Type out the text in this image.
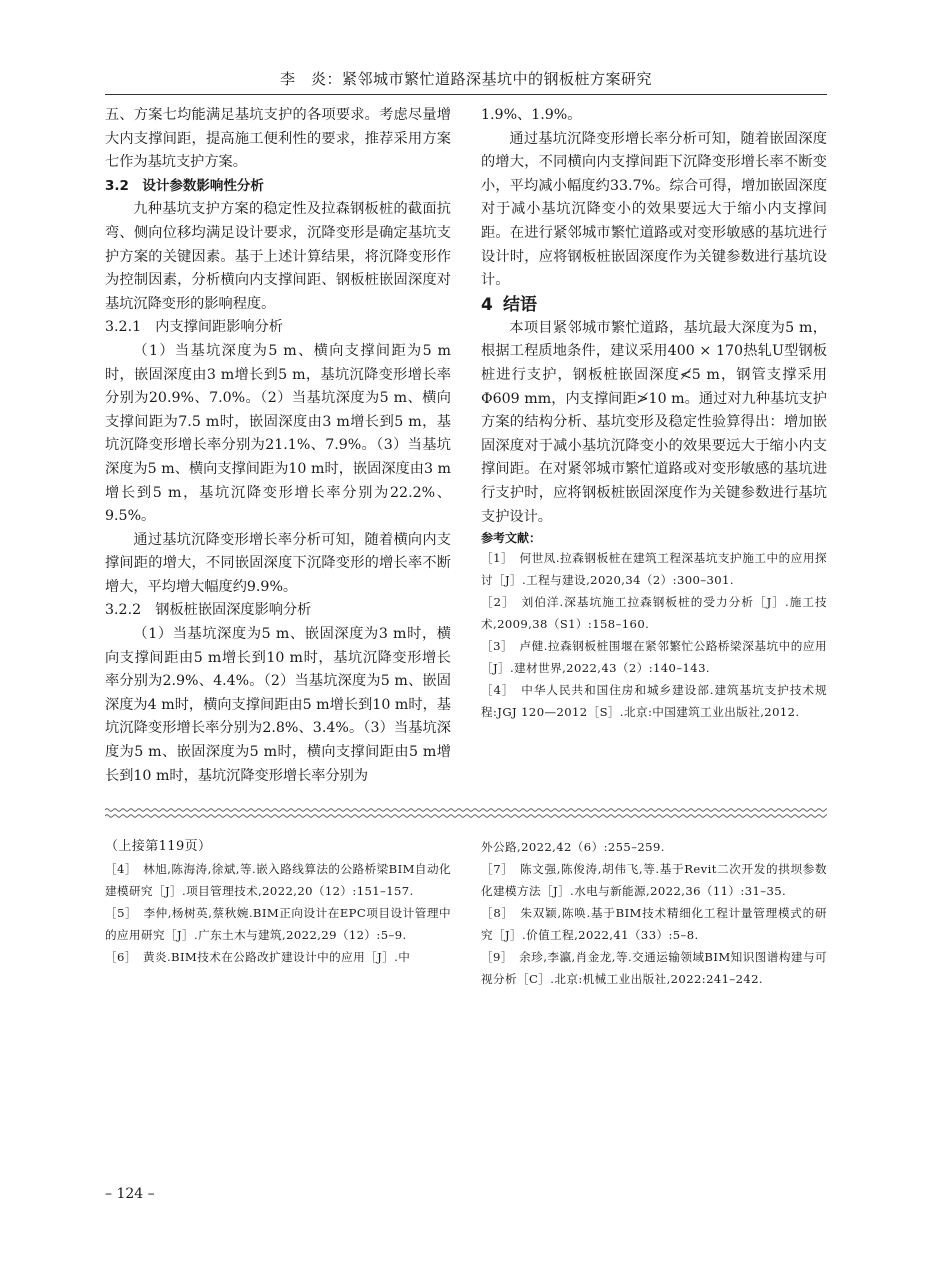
李　炎：紧邻城市繁忙道路深基坑中的钢板桩方案研究

五、方案七均能满足基坑支护的各项要求。考虑尽量增大内支撑间距，提高施工便利性的要求，推荐采用方案七作为基坑支护方案。

3.2　设计参数影响性分析

九种基坑支护方案的稳定性及拉森钢板桩的截面抗弯、侧向位移均满足设计要求，沉降变形是确定基坑支护方案的关键因素。基于上述计算结果，将沉降变形作为控制因素，分析横向内支撑间距、钢板桩嵌固深度对基坑沉降变形的影响程度。

3.2.1　内支撑间距影响分析

（1）当基坑深度为5 m、横向支撑间距为5 m时，嵌固深度由3 m增长到5 m，基坑沉降变形增长率分别为20.9%、7.0%。（2）当基坑深度为5 m、横向支撑间距为7.5 m时，嵌固深度由3 m增长到5 m，基坑沉降变形增长率分别为21.1%、7.9%。（3）当基坑深度为5 m、横向支撑间距为10 m时，嵌固深度由3 m增长到5 m，基坑沉降变形增长率分别为22.2%、9.5%。

通过基坑沉降变形增长率分析可知，随着横向内支撑间距的增大，不同嵌固深度下沉降变形的增长率不断增大，平均增大幅度约9.9%。

3.2.2　钢板桩嵌固深度影响分析

（1）当基坑深度为5 m、嵌固深度为3 m时，横向支撑间距由5 m增长到10 m时，基坑沉降变形增长率分别为2.9%、4.4%。（2）当基坑深度为5 m、嵌固深度为4 m时，横向支撑间距由5 m增长到10 m时，基坑沉降变形增长率分别为2.8%、3.4%。（3）当基坑深度为5 m、嵌固深度为5 m时，横向支撑间距由5 m增长到10 m时，基坑沉降变形增长率分别为

1.9%、1.9%。

通过基坑沉降变形增长率分析可知，随着嵌固深度的增大，不同横向内支撑间距下沉降变形增长率不断变小，平均减小幅度约33.7%。综合可得，增加嵌固深度对于减小基坑沉降变小的效果要远大于缩小内支撑间距。在进行紧邻城市繁忙道路或对变形敏感的基坑进行设计时，应将钢板桩嵌固深度作为关键参数进行基坑设计。

4 结语

本项目紧邻城市繁忙道路，基坑最大深度为5 m，根据工程质地条件，建议采用400 × 170热轧U型钢板桩进行支护，钢板桩嵌固深度≮5 m，钢管支撑采用Φ609 mm，内支撑间距≯10 m。通过对九种基坑支护方案的结构分析、基坑变形及稳定性验算得出：增加嵌固深度对于减小基坑沉降变小的效果要远大于缩小内支撑间距。在对紧邻城市繁忙道路或对变形敏感的基坑进行支护时，应将钢板桩嵌固深度作为关键参数进行基坑支护设计。

参考文献：

［1］　何世凤.拉森钢板桩在建筑工程深基坑支护施工中的应用探讨［J］.工程与建设,2020,34（2）:300–301.

［2］　刘伯洋.深基坑施工拉森钢板桩的受力分析［J］.施工技术,2009,38（S1）:158–160.

［3］　卢健.拉森钢板桩围堰在紧邻繁忙公路桥梁深基坑中的应用［J］.建材世界,2022,43（2）:140–143.

［4］　中华人民共和国住房和城乡建设部.建筑基坑支护技术规程:JGJ 120—2012［S］.北京:中国建筑工业出版社,2012.

（上接第119页）

［4］　林旭,陈海涛,徐斌,等.嵌入路线算法的公路桥梁BIM自动化建模研究［J］.项目管理技术,2022,20（12）:151–157.

［5］　李仲,杨树英,蔡秋婉.BIM正向设计在EPC项目设计管理中的应用研究［J］.广东土木与建筑,2022,29（12）:5–9.

［6］　黄炎.BIM技术在公路改扩建设计中的应用［J］.中

外公路,2022,42（6）:255–259.

［7］　陈文强,陈俊涛,胡伟飞,等.基于Revit二次开发的拱坝参数化建模方法［J］.水电与新能源,2022,36（11）:31–35.

［8］　朱双颖,陈唤.基于BIM技术精细化工程计量管理模式的研究［J］.价值工程,2022,41（33）:5–8.

［9］　余珍,李瀛,肖金龙,等.交通运输领域BIM知识图谱构建与可视分析［C］.北京:机械工业出版社,2022:241–242.

– 124 –
